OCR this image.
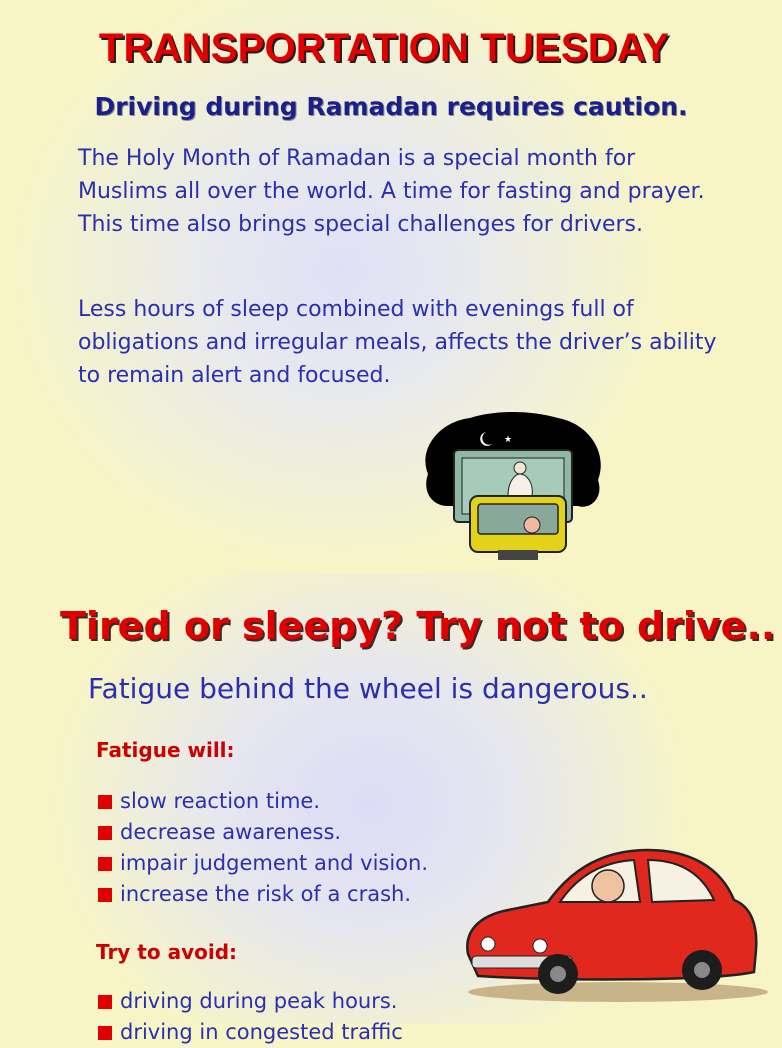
TRANSPORTATION TUESDAY
Driving during Ramadan requires caution.
The Holy Month of Ramadan is a special month for Muslims all over the world. A time for fasting and prayer. This time also brings special challenges for drivers.
Less hours of sleep combined with evenings full of obligations and irregular meals, affects the driver’s ability to remain alert and focused.
★
Tired or sleepy? Try not to drive..
Fatigue behind the wheel is dangerous..
Fatigue will:
slow reaction time.
decrease awareness.
impair judgement and vision.
increase the risk of a crash.
Try to avoid:
driving during peak hours.
driving in congested traffic
